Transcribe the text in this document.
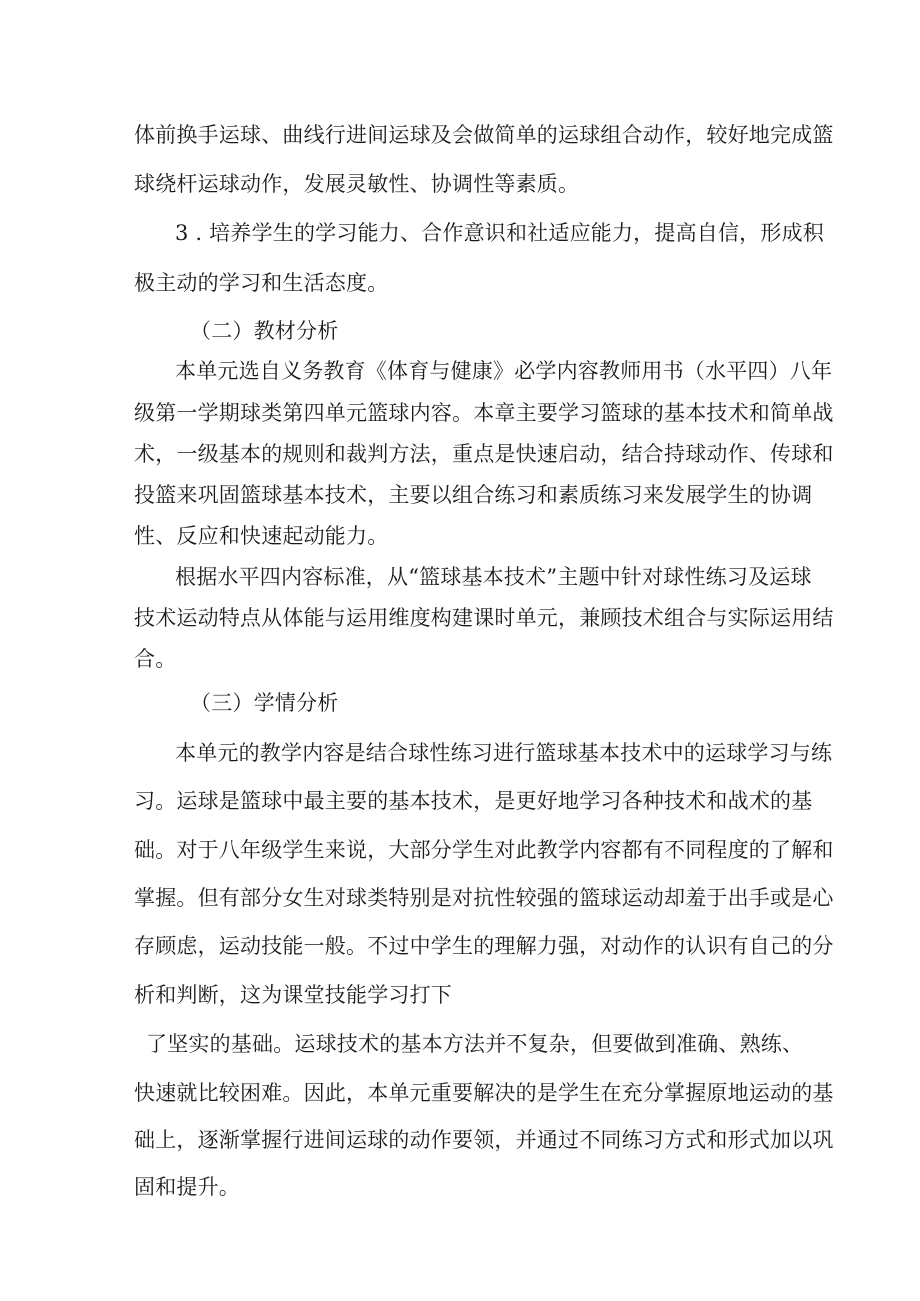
体前换手运球、曲线行进间运球及会做简单的运球组合动作，较好地完成篮
球绕杆运球动作，发展灵敏性、协调性等素质。
3 . 培养学生的学习能力、合作意识和社适应能力，提高自信，形成积
极主动的学习和生活态度。
（二）教材分析
本单元选自义务教育《体育与健康》必学内容教师用书（水平四）八年
级第一学期球类第四单元篮球内容。本章主要学习篮球的基本技术和简单战
术，一级基本的规则和裁判方法，重点是快速启动，结合持球动作、传球和
投篮来巩固篮球基本技术，主要以组合练习和素质练习来发展学生的协调
性、反应和快速起动能力。
根据水平四内容标准，从“篮球基本技术”主题中针对球性练习及运球
技术运动特点从体能与运用维度构建课时单元，兼顾技术组合与实际运用结
合。
（三）学情分析
本单元的教学内容是结合球性练习进行篮球基本技术中的运球学习与练
习。运球是篮球中最主要的基本技术，是更好地学习各种技术和战术的基
础。对于八年级学生来说，大部分学生对此教学内容都有不同程度的了解和
掌握。但有部分女生对球类特别是对抗性较强的篮球运动却羞于出手或是心
存顾虑，运动技能一般。不过中学生的理解力强，对动作的认识有自己的分
析和判断，这为课堂技能学习打下
了坚实的基础。运球技术的基本方法并不复杂，但要做到准确、熟练、
快速就比较困难。因此，本单元重要解决的是学生在充分掌握原地运动的基
础上，逐渐掌握行进间运球的动作要领，并通过不同练习方式和形式加以巩
固和提升。
